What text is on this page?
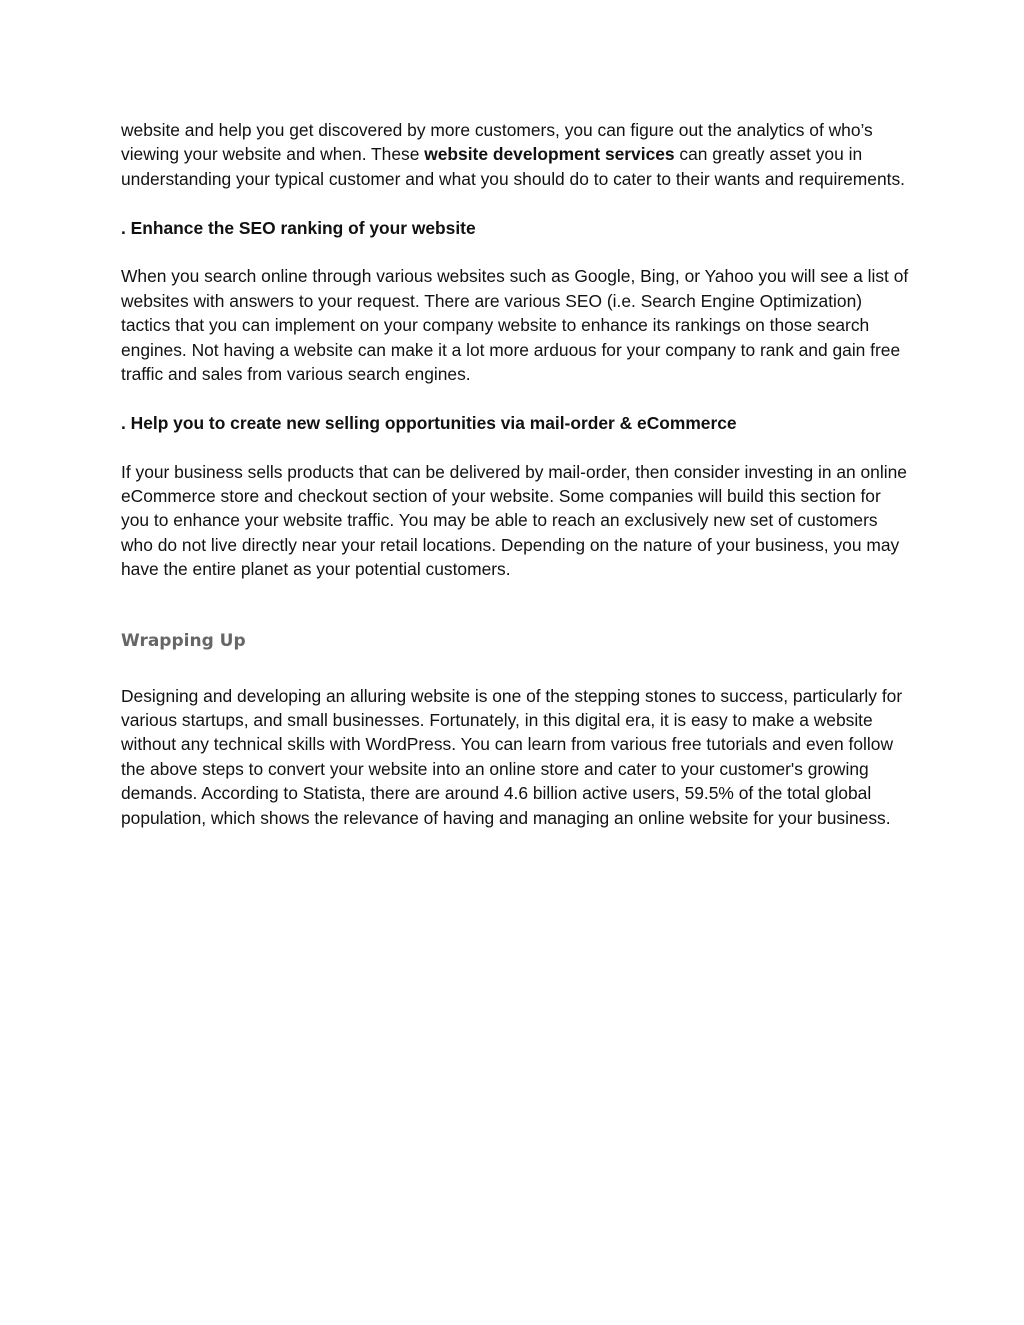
website and help you get discovered by more customers, you can figure out the analytics of who’s viewing your website and when. These website development services can greatly asset you in understanding your typical customer and what you should do to cater to their wants and requirements.

. Enhance the SEO ranking of your website

When you search online through various websites such as Google, Bing, or Yahoo you will see a list of websites with answers to your request. There are various SEO (i.e. Search Engine Optimization) tactics that you can implement on your company website to enhance its rankings on those search engines. Not having a website can make it a lot more arduous for your company to rank and gain free traffic and sales from various search engines.

. Help you to create new selling opportunities via mail-order & eCommerce

If your business sells products that can be delivered by mail-order, then consider investing in an online eCommerce store and checkout section of your website. Some companies will build this section for you to enhance your website traffic. You may be able to reach an exclusively new set of customers who do not live directly near your retail locations. Depending on the nature of your business, you may have the entire planet as your potential customers.

Wrapping Up

Designing and developing an alluring website is one of the stepping stones to success, particularly for various startups, and small businesses. Fortunately, in this digital era, it is easy to make a website without any technical skills with WordPress. You can learn from various free tutorials and even follow the above steps to convert your website into an online store and cater to your customer's growing demands. According to Statista, there are around 4.6 billion active users, 59.5% of the total global population, which shows the relevance of having and managing an online website for your business.
